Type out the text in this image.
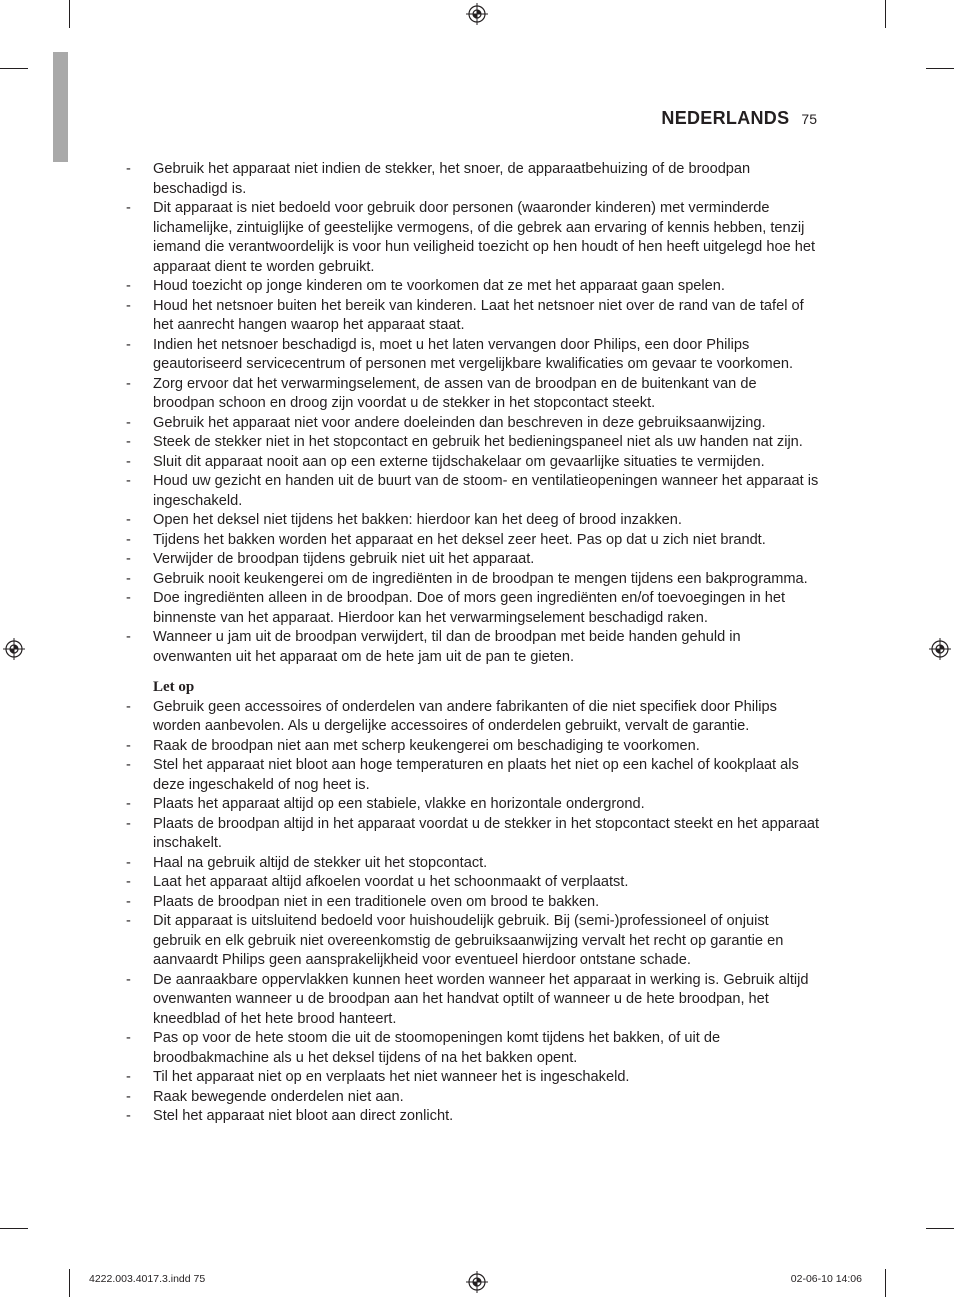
NEDERLANDS 75
- Gebruik het apparaat niet indien de stekker, het snoer, de apparaatbehuizing of de broodpan beschadigd is.
- Dit apparaat is niet bedoeld voor gebruik door personen (waaronder kinderen) met verminderde lichamelijke, zintuiglijke of geestelijke vermogens, of die gebrek aan ervaring of kennis hebben, tenzij iemand die verantwoordelijk is voor hun veiligheid toezicht op hen houdt of hen heeft uitgelegd hoe het apparaat dient te worden gebruikt.
- Houd toezicht op jonge kinderen om te voorkomen dat ze met het apparaat gaan spelen.
- Houd het netsnoer buiten het bereik van kinderen. Laat het netsnoer niet over de rand van de tafel of het aanrecht hangen waarop het apparaat staat.
- Indien het netsnoer beschadigd is, moet u het laten vervangen door Philips, een door Philips geautoriseerd servicecentrum of personen met vergelijkbare kwalificaties om gevaar te voorkomen.
- Zorg ervoor dat het verwarmingselement, de assen van de broodpan en de buitenkant van de broodpan schoon en droog zijn voordat u de stekker in het stopcontact steekt.
- Gebruik het apparaat niet voor andere doeleinden dan beschreven in deze gebruiksaanwijzing.
- Steek de stekker niet in het stopcontact en gebruik het bedieningspaneel niet als uw handen nat zijn.
- Sluit dit apparaat nooit aan op een externe tijdschakelaar om gevaarlijke situaties te vermijden.
- Houd uw gezicht en handen uit de buurt van de stoom- en ventilatieopeningen wanneer het apparaat is ingeschakeld.
- Open het deksel niet tijdens het bakken: hierdoor kan het deeg of brood inzakken.
- Tijdens het bakken worden het apparaat en het deksel zeer heet. Pas op dat u zich niet brandt.
- Verwijder de broodpan tijdens gebruik niet uit het apparaat.
- Gebruik nooit keukengerei om de ingrediënten in de broodpan te mengen tijdens een bakprogramma.
- Doe ingrediënten alleen in de broodpan. Doe of mors geen ingrediënten en/of toevoegingen in het binnenste van het apparaat. Hierdoor kan het verwarmingselement beschadigd raken.
- Wanneer u jam uit de broodpan verwijdert, til dan de broodpan met beide handen gehuld in ovenwanten uit het apparaat om de hete jam uit de pan te gieten.
Let op
- Gebruik geen accessoires of onderdelen van andere fabrikanten of die niet specifiek door Philips worden aanbevolen. Als u dergelijke accessoires of onderdelen gebruikt, vervalt de garantie.
- Raak de broodpan niet aan met scherp keukengerei om beschadiging te voorkomen.
- Stel het apparaat niet bloot aan hoge temperaturen en plaats het niet op een kachel of kookplaat als deze ingeschakeld of nog heet is.
- Plaats het apparaat altijd op een stabiele, vlakke en horizontale ondergrond.
- Plaats de broodpan altijd in het apparaat voordat u de stekker in het stopcontact steekt en het apparaat inschakelt.
- Haal na gebruik altijd de stekker uit het stopcontact.
- Laat het apparaat altijd afkoelen voordat u het schoonmaakt of verplaatst.
- Plaats de broodpan niet in een traditionele oven om brood te bakken.
- Dit apparaat is uitsluitend bedoeld voor huishoudelijk gebruik. Bij (semi-)professioneel of onjuist gebruik en elk gebruik niet overeenkomstig de gebruiksaanwijzing vervalt het recht op garantie en aanvaardt Philips geen aansprakelijkheid voor eventueel hierdoor ontstane schade.
- De aanraakbare oppervlakken kunnen heet worden wanneer het apparaat in werking is. Gebruik altijd ovenwanten wanneer u de broodpan aan het handvat optilt of wanneer u de hete broodpan, het kneedblad of het hete brood hanteert.
- Pas op voor de hete stoom die uit de stoomopeningen komt tijdens het bakken, of uit de broodbakmachine als u het deksel tijdens of na het bakken opent.
- Til het apparaat niet op en verplaats het niet wanneer het is ingeschakeld.
- Raak bewegende onderdelen niet aan.
- Stel het apparaat niet bloot aan direct zonlicht.
4222.003.4017.3.indd 75	02-06-10 14:06
